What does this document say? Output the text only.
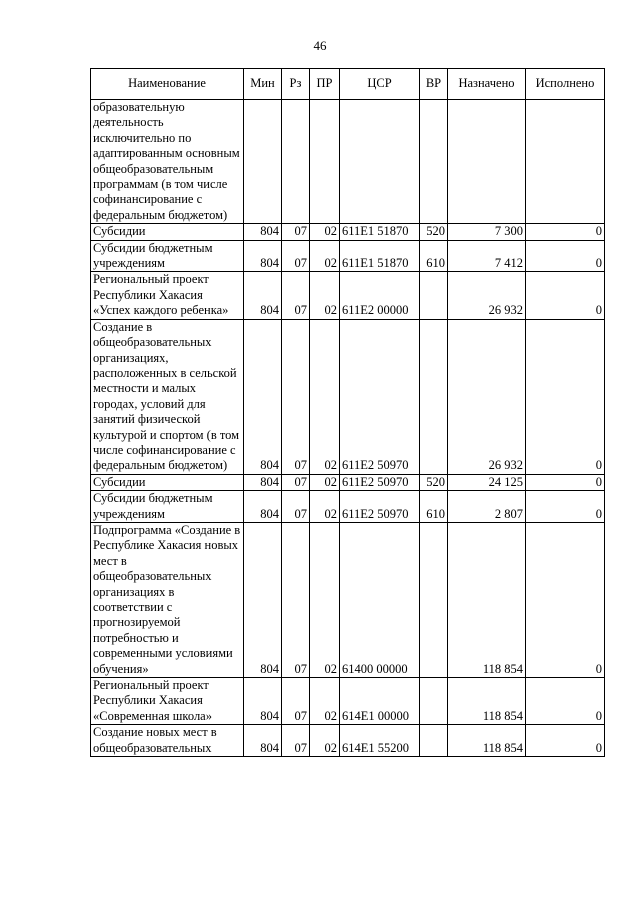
46
Наименование	Мин	Рз	ПР	ЦСР	ВР	Назначено	Исполнено
образовательную деятельность исключительно по адаптированным основным общеобразовательным программам (в том числе софинансирование с федеральным бюджетом)							
Субсидии	804	07	02	611E1 51870	520	7 300	0
Субсидии бюджетным учреждениям	804	07	02	611E1 51870	610	7 412	0
Региональный проект Республики Хакасия «Успех каждого ребенка»	804	07	02	611E2 00000		26 932	0
Создание в общеобразовательных организациях, расположенных в сельской местности и малых городах, условий для занятий физической культурой и спортом (в том числе софинансирование с федеральным бюджетом)	804	07	02	611E2 50970		26 932	0
Субсидии	804	07	02	611E2 50970	520	24 125	0
Субсидии бюджетным учреждениям	804	07	02	611E2 50970	610	2 807	0
Подпрограмма «Создание в Республике Хакасия новых мест в общеобразовательных организациях в соответствии с прогнозируемой потребностью и современными условиями обучения»	804	07	02	61400 00000		118 854	0
Региональный проект Республики Хакасия «Современная школа»	804	07	02	614E1 00000		118 854	0
Создание новых мест в общеобразовательных	804	07	02	614E1 55200		118 854	0
